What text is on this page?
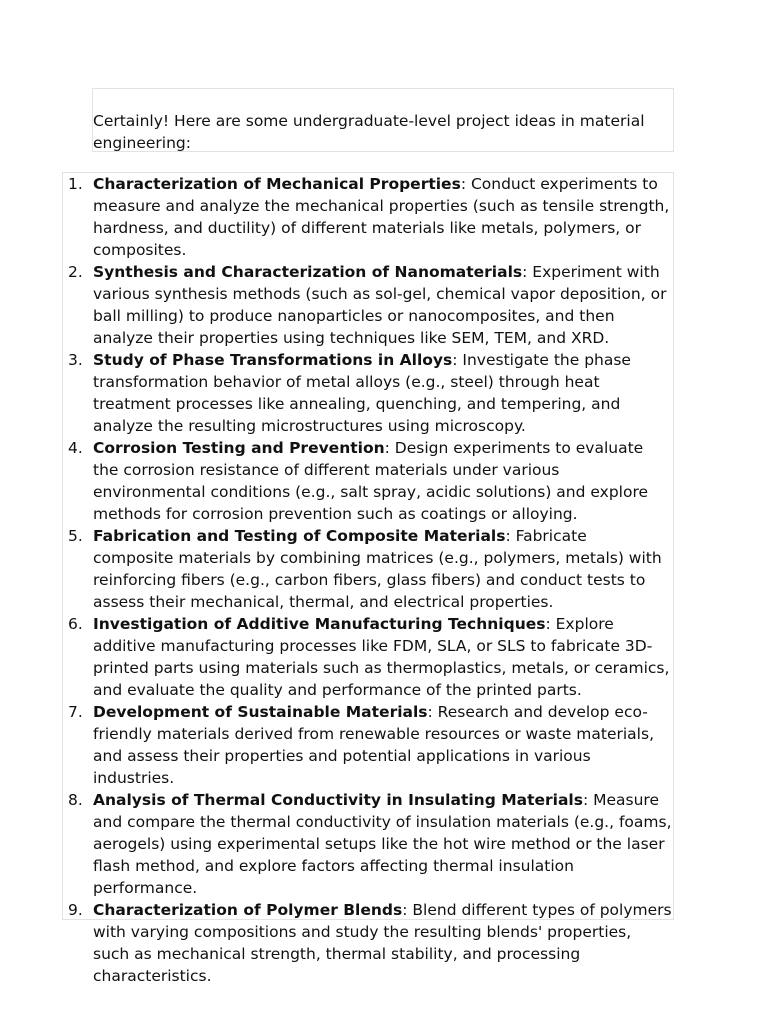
Certainly! Here are some undergraduate-level project ideas in material engineering:

1. Characterization of Mechanical Properties: Conduct experiments to measure and analyze the mechanical properties (such as tensile strength, hardness, and ductility) of different materials like metals, polymers, or composites.
2. Synthesis and Characterization of Nanomaterials: Experiment with various synthesis methods (such as sol-gel, chemical vapor deposition, or ball milling) to produce nanoparticles or nanocomposites, and then analyze their properties using techniques like SEM, TEM, and XRD.
3. Study of Phase Transformations in Alloys: Investigate the phase transformation behavior of metal alloys (e.g., steel) through heat treatment processes like annealing, quenching, and tempering, and analyze the resulting microstructures using microscopy.
4. Corrosion Testing and Prevention: Design experiments to evaluate the corrosion resistance of different materials under various environmental conditions (e.g., salt spray, acidic solutions) and explore methods for corrosion prevention such as coatings or alloying.
5. Fabrication and Testing of Composite Materials: Fabricate composite materials by combining matrices (e.g., polymers, metals) with reinforcing fibers (e.g., carbon fibers, glass fibers) and conduct tests to assess their mechanical, thermal, and electrical properties.
6. Investigation of Additive Manufacturing Techniques: Explore additive manufacturing processes like FDM, SLA, or SLS to fabricate 3D-printed parts using materials such as thermoplastics, metals, or ceramics, and evaluate the quality and performance of the printed parts.
7. Development of Sustainable Materials: Research and develop eco-friendly materials derived from renewable resources or waste materials, and assess their properties and potential applications in various industries.
8. Analysis of Thermal Conductivity in Insulating Materials: Measure and compare the thermal conductivity of insulation materials (e.g., foams, aerogels) using experimental setups like the hot wire method or the laser flash method, and explore factors affecting thermal insulation performance.
9. Characterization of Polymer Blends: Blend different types of polymers with varying compositions and study the resulting blends' properties, such as mechanical strength, thermal stability, and processing characteristics.
